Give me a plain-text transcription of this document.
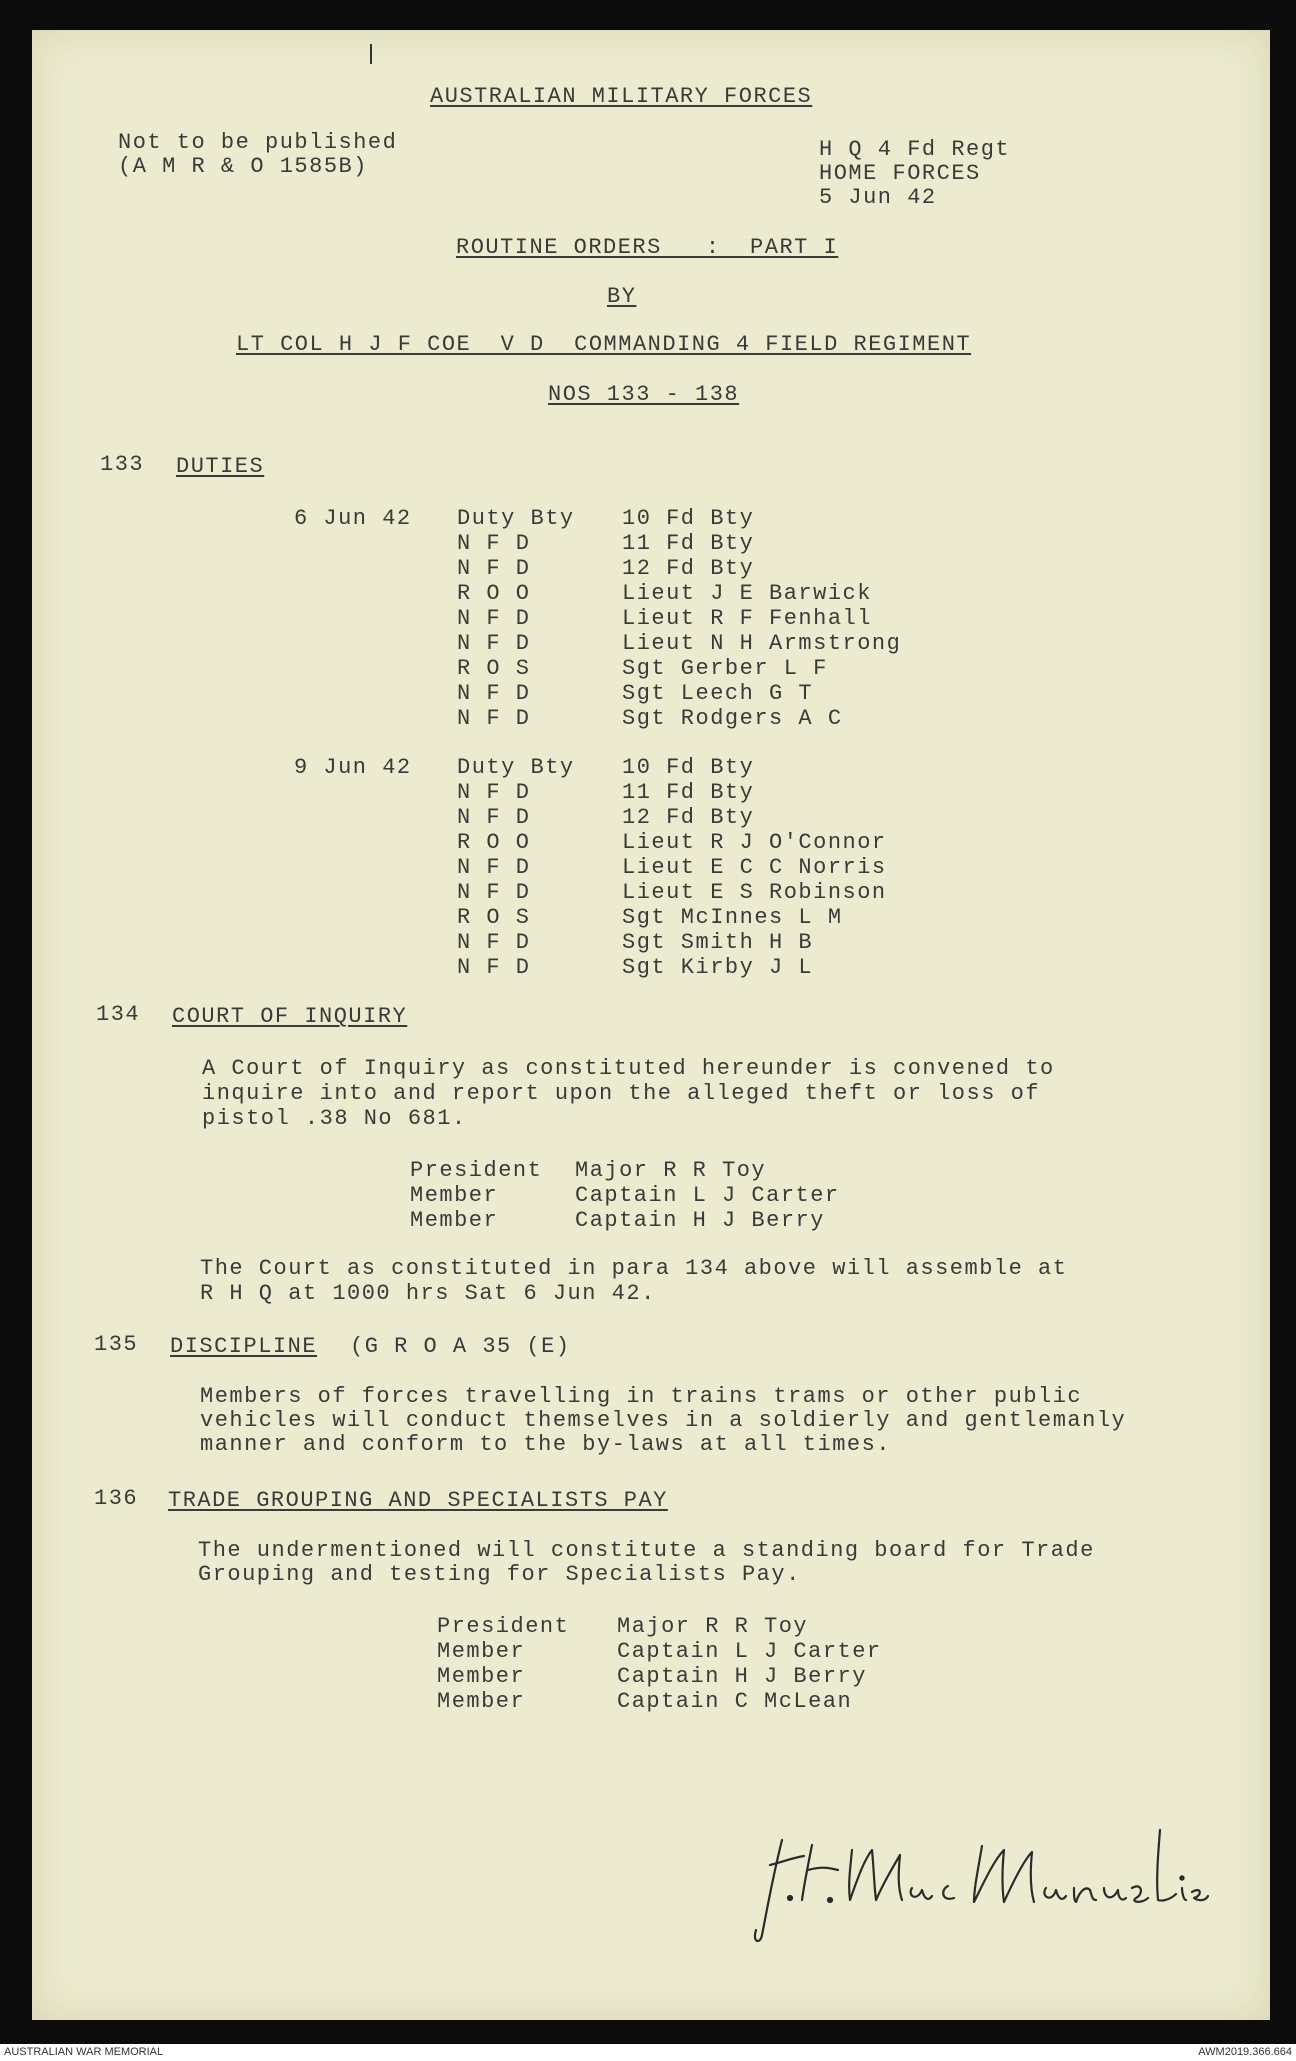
AUSTRALIAN MILITARY FORCES
Not to be published
(A M R & O 1585B)
H Q 4 Fd Regt
HOME FORCES
5 Jun 42
ROUTINE ORDERS   :  PART I
BY
LT COL H J F COE  V D  COMMANDING 4 FIELD REGIMENT
NOS 133 - 138
133 DUTIES
6 Jun 42 Duty Bty 10 Fd Bty
N F D	11 Fd Bty
N F D	12 Fd Bty
R O O	Lieut J E Barwick
N F D	Lieut R F Fenhall
N F D	Lieut N H Armstrong
R O S	Sgt Gerber L F
N F D	Sgt Leech G T
N F D	Sgt Rodgers A C
9 Jun 42 Duty Bty 10 Fd Bty
N F D	11 Fd Bty
N F D	12 Fd Bty
R O O	Lieut R J O'Connor
N F D	Lieut E C C Norris
N F D	Lieut E S Robinson
R O S	Sgt McInnes L M
N F D	Sgt Smith H B
N F D	Sgt Kirby J L
134 COURT OF INQUIRY
A Court of Inquiry as constituted hereunder is convened to
inquire into and report upon the alleged theft or loss of
pistol .38 No 681.
President Major R R Toy
Member	Captain L J Carter
Member	Captain H J Berry
The Court as constituted in para 134 above will assemble at
R H Q at 1000 hrs Sat 6 Jun 42.
135 DISCIPLINE (G R O A 35 (E)
Members of forces travelling in trains trams or other public
vehicles will conduct themselves in a soldierly and gentlemanly
manner and conform to the by-laws at all times.
136 TRADE GROUPING AND SPECIALISTS PAY
The undermentioned will constitute a standing board for Trade
Grouping and testing for Specialists Pay.
President Major R R Toy
Member	Captain L J Carter
Member	Captain H J Berry
Member	Captain C McLean
AUSTRALIAN WAR MEMORIAL	AWM2019.366.664
